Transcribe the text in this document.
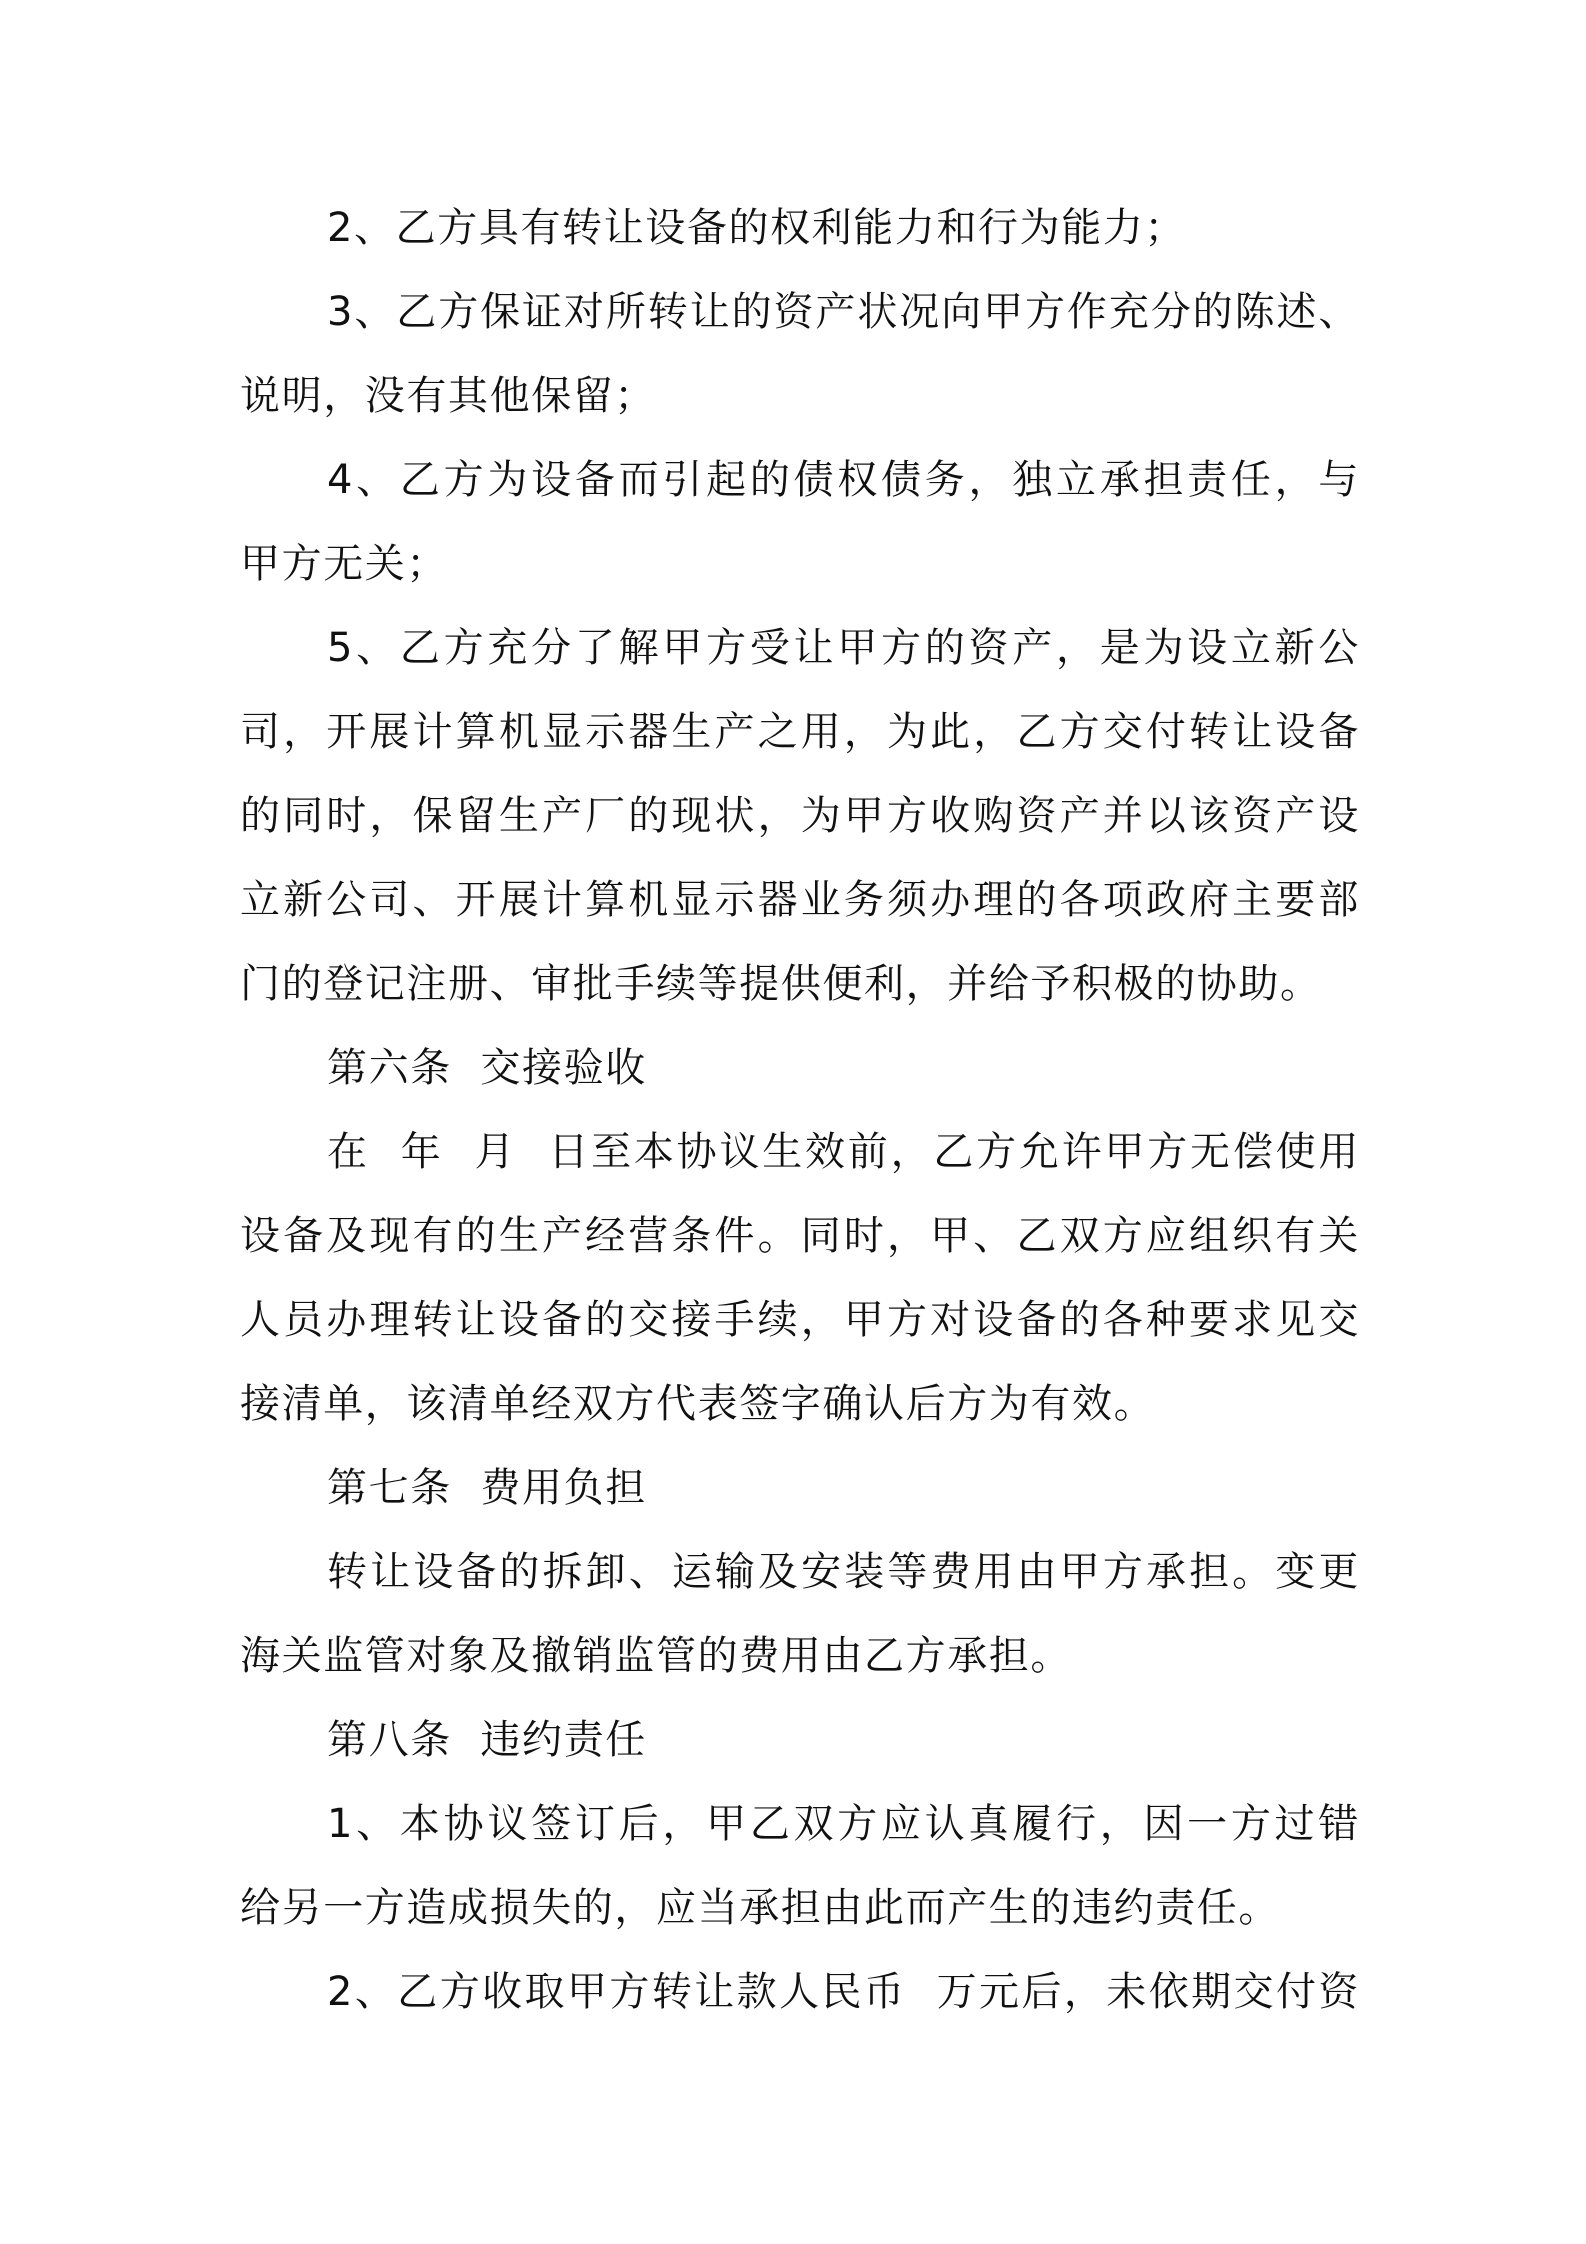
2、乙方具有转让设备的权利能力和行为能力；
3、乙方保证对所转让的资产状况向甲方作充分的陈述、
说明，没有其他保留；
4、乙方为设备而引起的债权债务，独立承担责任，与
甲方无关；
5、乙方充分了解甲方受让甲方的资产，是为设立新公
司，开展计算机显示器生产之用，为此，乙方交付转让设备
的同时，保留生产厂的现状，为甲方收购资产并以该资产设
立新公司、开展计算机显示器业务须办理的各项政府主要部
门的登记注册、审批手续等提供便利，并给予积极的协助。
第六条  交接验收
在  年  月  日至本协议生效前，乙方允许甲方无偿使用
设备及现有的生产经营条件。同时，甲、乙双方应组织有关
人员办理转让设备的交接手续，甲方对设备的各种要求见交
接清单，该清单经双方代表签字确认后方为有效。
第七条  费用负担
转让设备的拆卸、运输及安装等费用由甲方承担。变更
海关监管对象及撤销监管的费用由乙方承担。
第八条  违约责任
1、本协议签订后，甲乙双方应认真履行，因一方过错
给另一方造成损失的，应当承担由此而产生的违约责任。
2、乙方收取甲方转让款人民币  万元后，未依期交付资
